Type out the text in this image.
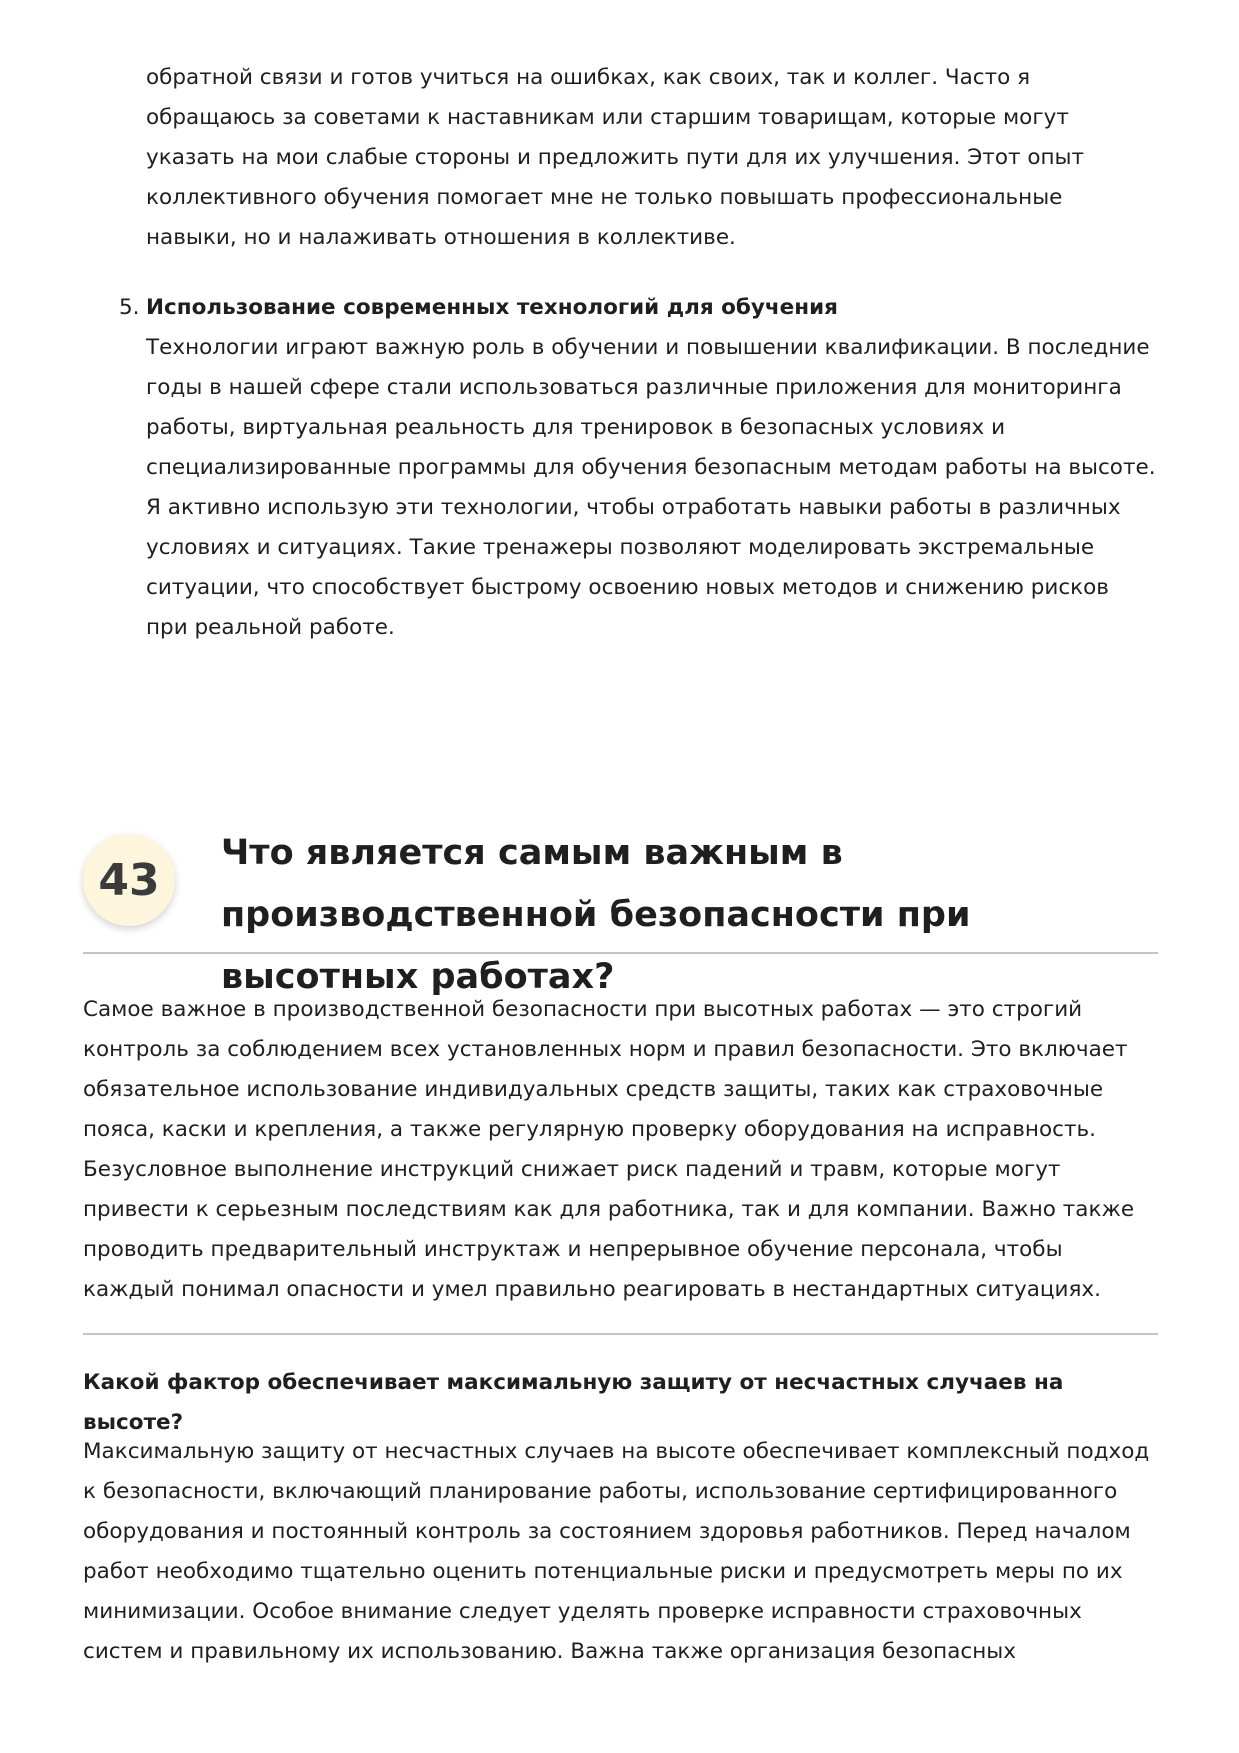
обратной связи и готов учиться на ошибках, как своих, так и коллег. Часто я обращаюсь за советами к наставникам или старшим товарищам, которые могут указать на мои слабые стороны и предложить пути для их улучшения. Этот опыт коллективного обучения помогает мне не только повышать профессиональные навыки, но и налаживать отношения в коллективе.

5. Использование современных технологий для обучения
Технологии играют важную роль в обучении и повышении квалификации. В последние годы в нашей сфере стали использоваться различные приложения для мониторинга работы, виртуальная реальность для тренировок в безопасных условиях и специализированные программы для обучения безопасным методам работы на высоте. Я активно использую эти технологии, чтобы отработать навыки работы в различных условиях и ситуациях. Такие тренажеры позволяют моделировать экстремальные ситуации, что способствует быстрому освоению новых методов и снижению рисков при реальной работе.
43
Что является самым важным в производственной безопасности при высотных работах?

Самое важное в производственной безопасности при высотных работах — это строгий контроль за соблюдением всех установленных норм и правил безопасности. Это включает обязательное использование индивидуальных средств защиты, таких как страховочные пояса, каски и крепления, а также регулярную проверку оборудования на исправность. Безусловное выполнение инструкций снижает риск падений и травм, которые могут привести к серьезным последствиям как для работника, так и для компании. Важно также проводить предварительный инструктаж и непрерывное обучение персонала, чтобы каждый понимал опасности и умел правильно реагировать в нестандартных ситуациях.

Какой фактор обеспечивает максимальную защиту от несчастных случаев на высоте?

Максимальную защиту от несчастных случаев на высоте обеспечивает комплексный подход к безопасности, включающий планирование работы, использование сертифицированного оборудования и постоянный контроль за состоянием здоровья работников. Перед началом работ необходимо тщательно оценить потенциальные риски и предусмотреть меры по их минимизации. Особое внимание следует уделять проверке исправности страховочных систем и правильному их использованию. Важна также организация безопасных
